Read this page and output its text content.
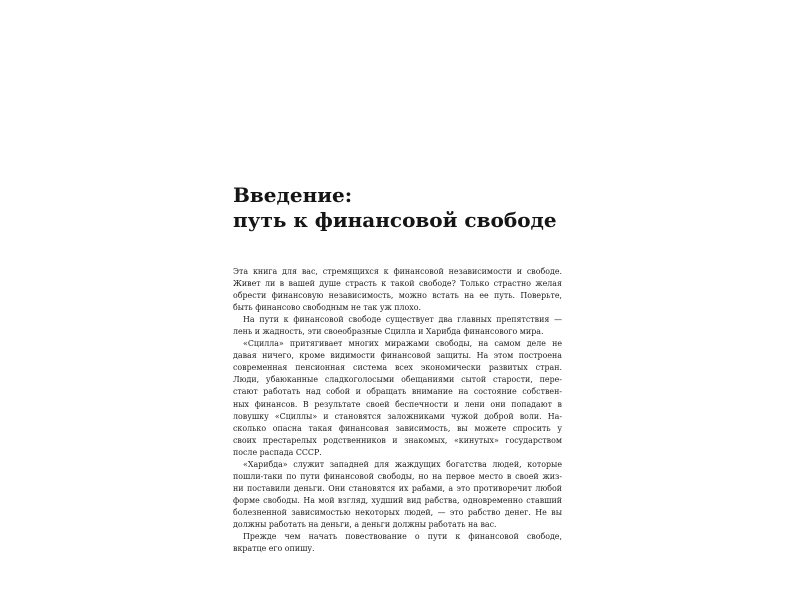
Введение:
путь к финансовой свободе

Эта книга для вас, стремящихся к финансовой независимости и свободе.
Живет ли в вашей душе страсть к такой свободе? Только страстно желая
обрести финансовую независимость, можно встать на ее путь. Поверьте,
быть финансово свободным не так уж плохо.

На пути к финансовой свободе существует два главных препятствия —
лень и жадность, эти своеобразные Сцилла и Харибда финансового мира.

«Сцилла» притягивает многих миражами свободы, на самом деле не
давая ничего, кроме видимости финансовой защиты. На этом построена
современная пенсионная система всех экономически развитых стран.
Люди, убаюканные сладкоголосыми обещаниями сытой старости, пере-
стают работать над собой и обращать внимание на состояние собствен-
ных финансов. В результате своей беспечности и лени они попадают в
ловушку «Сциллы» и становятся заложниками чужой доброй воли. На-
сколько опасна такая финансовая зависимость, вы можете спросить у
своих престарелых родственников и знакомых, «кинутых» государством
после распада СССР.

«Харибда» служит западней для жаждущих богатства людей, которые
пошли-таки по пути финансовой свободы, но на первое место в своей жиз-
ни поставили деньги. Они становятся их рабами, а это противоречит любой
форме свободы. На мой взгляд, худший вид рабства, одновременно ставший
болезненной зависимостью некоторых людей, — это рабство денег. Не вы
должны работать на деньги, а деньги должны работать на вас.

Прежде чем начать повествование о пути к финансовой свободе,
вкратце его опишу.
